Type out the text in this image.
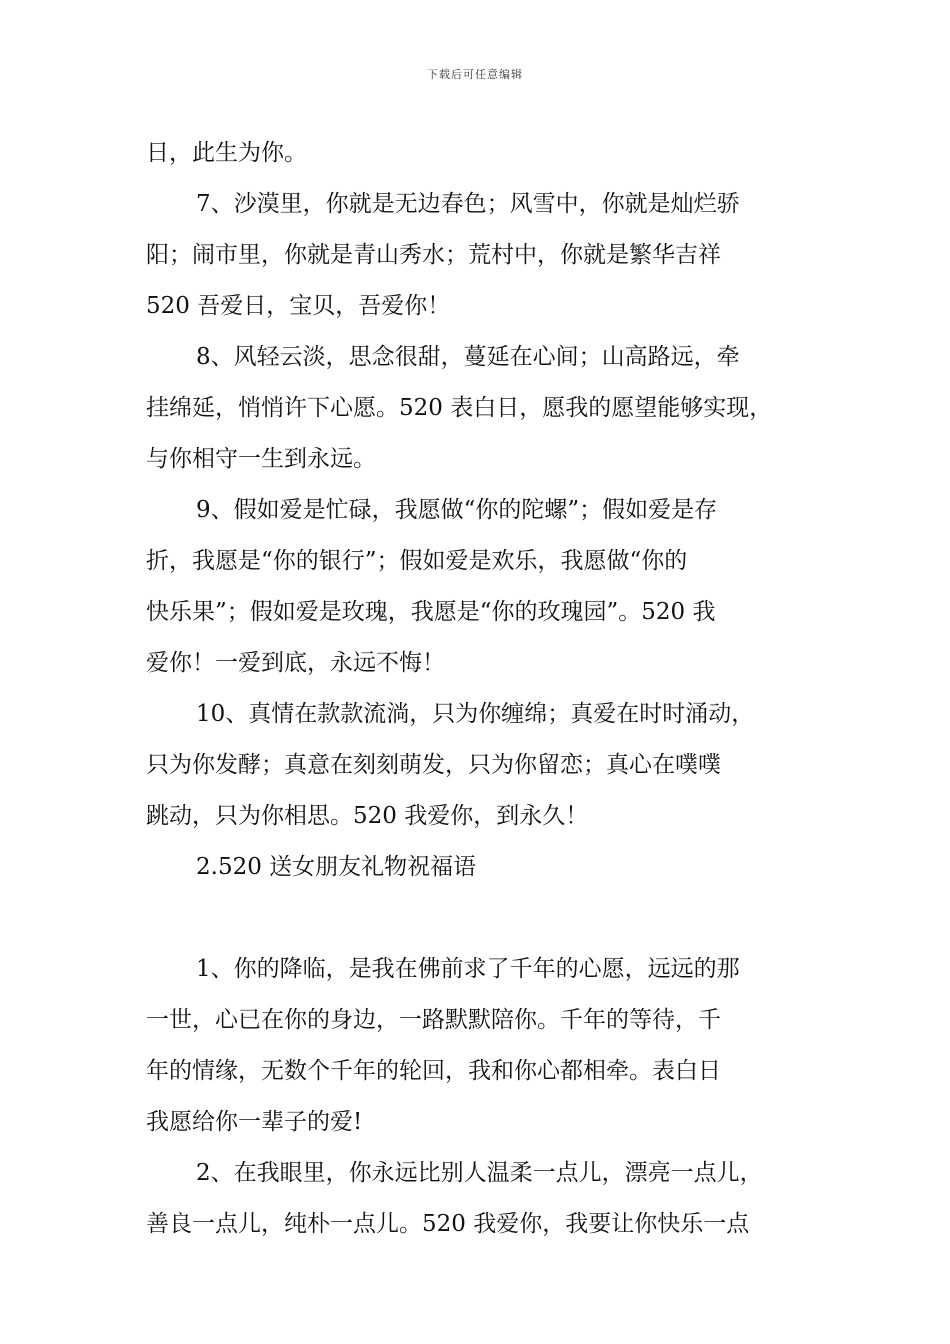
下载后可任意编辑
日，此生为你。
7、沙漠里，你就是无边春色；风雪中，你就是灿烂骄
阳；闹市里，你就是青山秀水；荒村中，你就是繁华吉祥
520 吾爱日，宝贝，吾爱你！
8、风轻云淡，思念很甜，蔓延在心间；山高路远，牵
挂绵延，悄悄许下心愿。520 表白日，愿我的愿望能够实现，
与你相守一生到永远。
9、假如爱是忙碌，我愿做“你的陀螺”；假如爱是存
折，我愿是“你的银行”；假如爱是欢乐，我愿做“你的
快乐果”；假如爱是玫瑰，我愿是“你的玫瑰园”。520 我
爱你！一爱到底，永远不悔！
10、真情在款款流淌，只为你缠绵；真爱在时时涌动，
只为你发酵；真意在刻刻萌发，只为你留恋；真心在噗噗
跳动，只为你相思。520 我爱你，到永久！
2.520 送女朋友礼物祝福语
1、你的降临，是我在佛前求了千年的心愿，远远的那
一世，心已在你的身边，一路默默陪你。千年的等待，千
年的情缘，无数个千年的轮回，我和你心都相牵。表白日
我愿给你一辈子的爱!
2、在我眼里，你永远比别人温柔一点儿，漂亮一点儿，
善良一点儿，纯朴一点儿。520 我爱你，我要让你快乐一点
